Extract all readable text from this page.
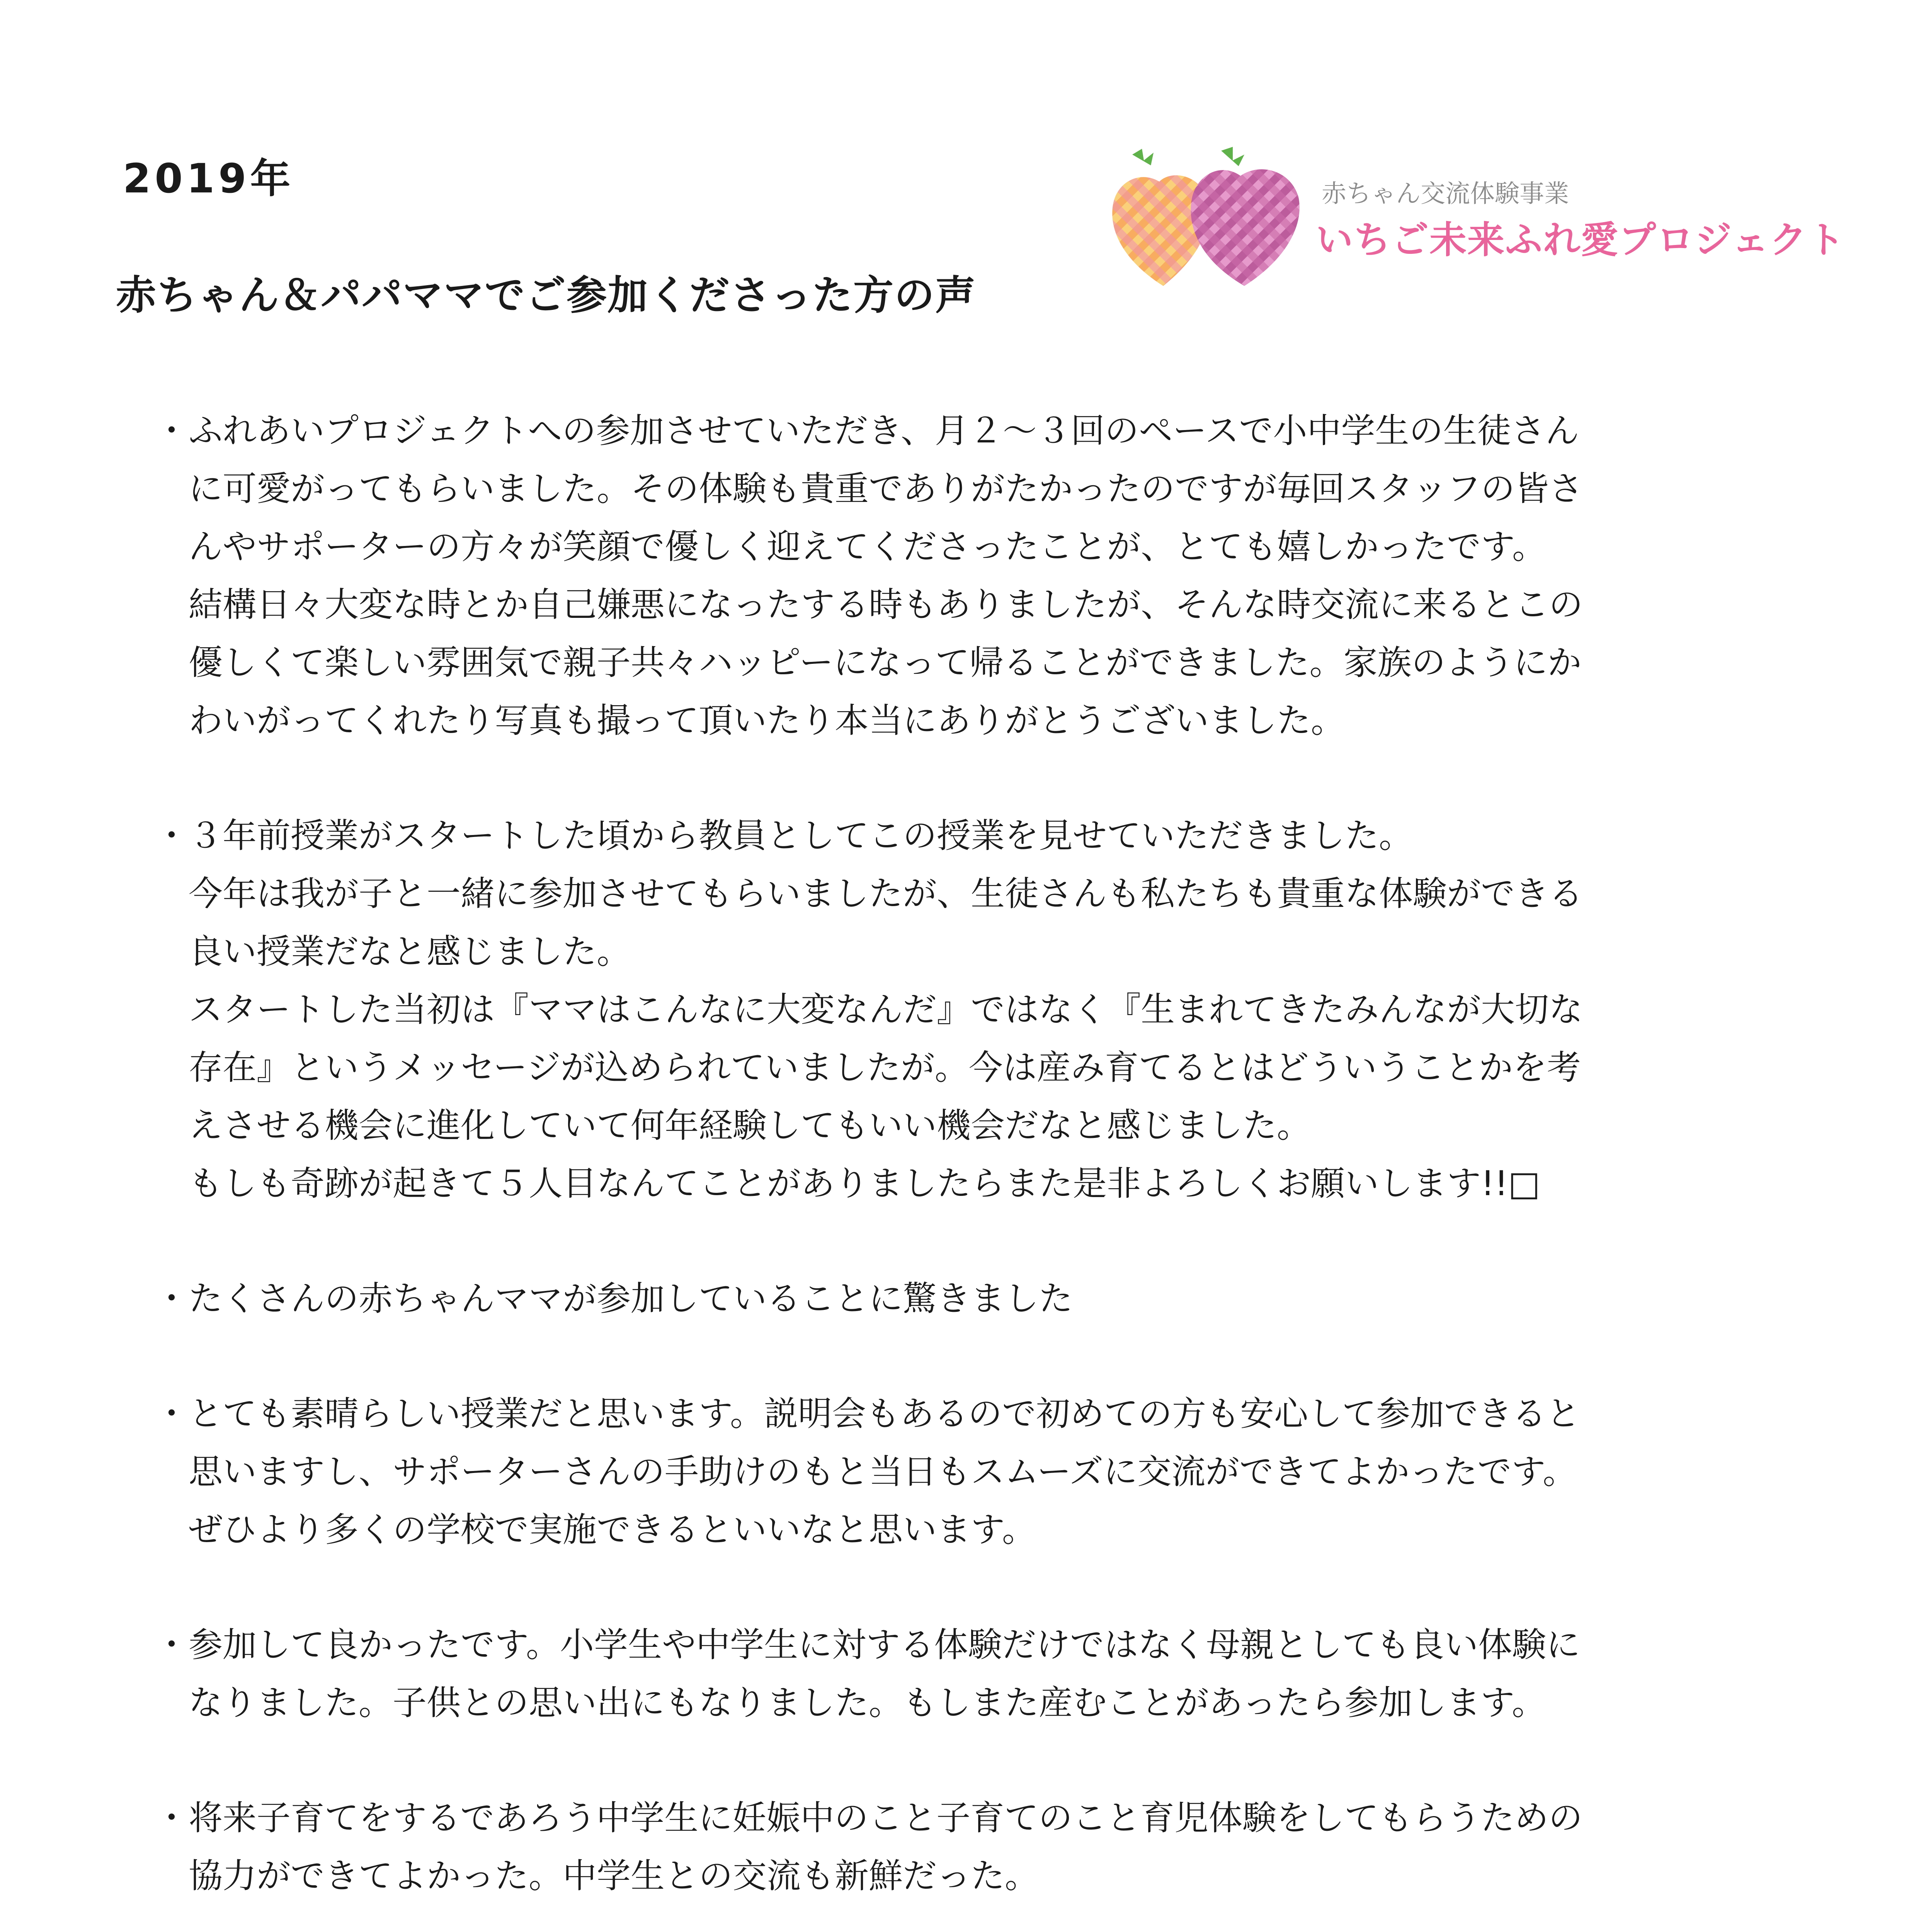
2019年
赤ちゃん＆パパママでご参加くださった方の声
赤ちゃん交流体験事業
いちご未来ふれ愛プロジェクト
・ ふれあいプロジェクトへの参加させていただき、月２〜３回のペースで小中学生の生徒さん
に可愛がってもらいました。その体験も貴重でありがたかったのですが毎回スタッフの皆さ
んやサポーターの方々が笑顔で優しく迎えてくださったことが、とても嬉しかったです。
結構日々大変な時とか自己嫌悪になったする時もありましたが、そんな時交流に来るとこの
優しくて楽しい雰囲気で親子共々ハッピーになって帰ることができました。家族のようにか
わいがってくれたり写真も撮って頂いたり本当にありがとうございました。
・ ３年前授業がスタートした頃から教員としてこの授業を見せていただきました。
今年は我が子と一緒に参加させてもらいましたが、生徒さんも私たちも貴重な体験ができる
良い授業だなと感じました。
スタートした当初は『ママはこんなに大変なんだ』ではなく『生まれてきたみんなが大切な
存在』というメッセージが込められていましたが。今は産み育てるとはどういうことかを考
えさせる機会に進化していて何年経験してもいい機会だなと感じました。
もしも奇跡が起きて５人目なんてことがありましたらまた是非よろしくお願いします!!□
・ たくさんの赤ちゃんママが参加していることに驚きました
・ とても素晴らしい授業だと思います。説明会もあるので初めての方も安心して参加できると
思いますし、サポーターさんの手助けのもと当日もスムーズに交流ができてよかったです。
ぜひより多くの学校で実施できるといいなと思います。
・ 参加して良かったです。小学生や中学生に対する体験だけではなく母親としても良い体験に
なりました。子供との思い出にもなりました。もしまた産むことがあったら参加します。
・ 将来子育てをするであろう中学生に妊娠中のこと子育てのこと育児体験をしてもらうための
協力ができてよかった。中学生との交流も新鮮だった。
